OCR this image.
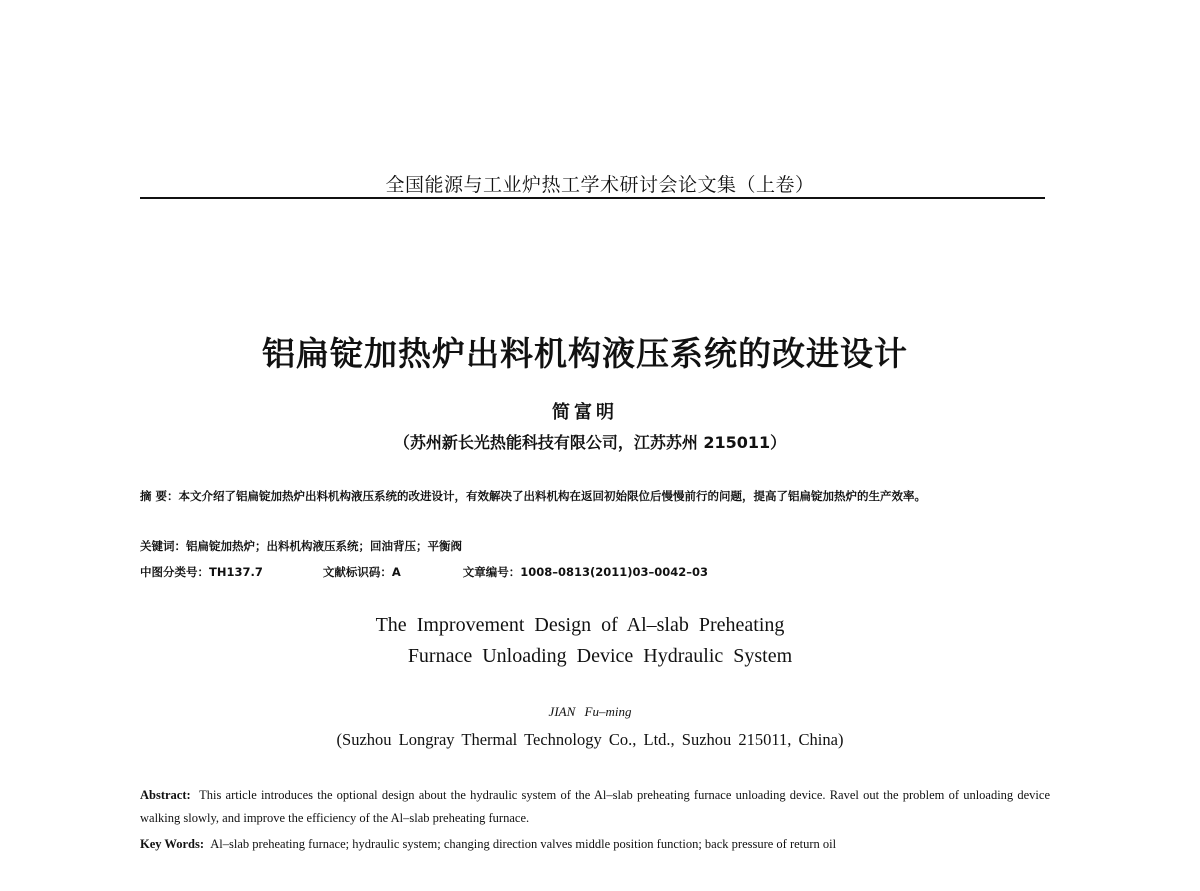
全国能源与工业炉热工学术研讨会论文集（上卷）
铝扁锭加热炉出料机构液压系统的改进设计
简富明
（苏州新长光热能科技有限公司，江苏苏州 215011）
摘 要：本文介绍了铝扁锭加热炉出料机构液压系统的改进设计，有效解决了出料机构在返回初始限位后慢慢前行的问题，提高了铝扁锭加热炉的生产效率。
关键词：铝扁锭加热炉；出料机构液压系统；回油背压；平衡阀
中图分类号：TH137.7	文献标识码：A	文章编号：1008–0813(2011)03–0042–03
The  Improvement  Design  of  Al–slab  Preheating
Furnace  Unloading  Device  Hydraulic  System
JIAN Fu–ming
(Suzhou Longray Thermal Technology Co., Ltd., Suzhou 215011, China)
Abstract: This article introduces the optional design about the hydraulic system of the Al–slab preheating furnace unloading device. Ravel out the problem of unloading device walking slowly, and improve the efficiency of the Al–slab preheating furnace.
Key Words: Al–slab preheating furnace; hydraulic system; changing direction valves middle position function; back pressure of return oil
